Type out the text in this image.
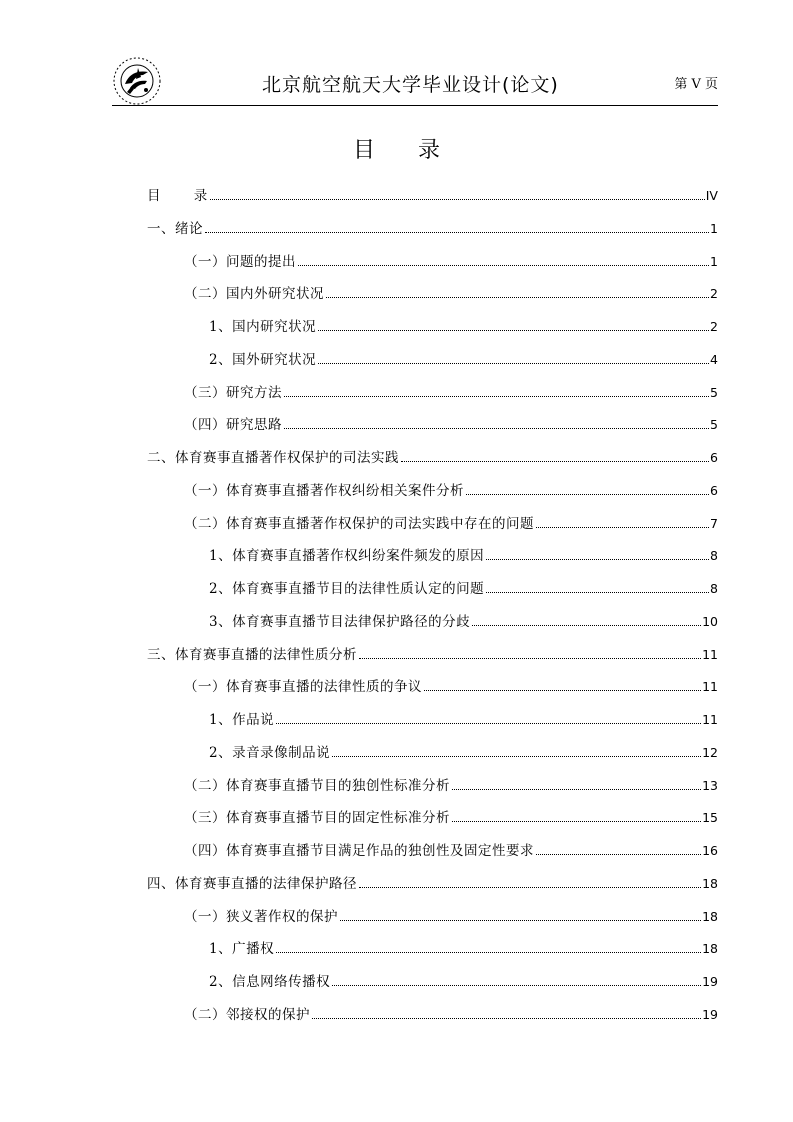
北京航空航天大学毕业设计(论文)	第 V 页
目 录
目 录	IV
一、绪论	1
（一）问题的提出	1
（二）国内外研究状况	2
1、国内研究状况	2
2、国外研究状况	4
（三）研究方法	5
（四）研究思路	5
二、体育赛事直播著作权保护的司法实践	6
（一）体育赛事直播著作权纠纷相关案件分析	6
（二）体育赛事直播著作权保护的司法实践中存在的问题	7
1、体育赛事直播著作权纠纷案件频发的原因	8
2、体育赛事直播节目的法律性质认定的问题	8
3、体育赛事直播节目法律保护路径的分歧	10
三、体育赛事直播的法律性质分析	11
（一）体育赛事直播的法律性质的争议	11
1、作品说	11
2、录音录像制品说	12
（二）体育赛事直播节目的独创性标准分析	13
（三）体育赛事直播节目的固定性标准分析	15
（四）体育赛事直播节目满足作品的独创性及固定性要求	16
四、体育赛事直播的法律保护路径	18
（一）狭义著作权的保护	18
1、广播权	18
2、信息网络传播权	19
（二）邻接权的保护	19
